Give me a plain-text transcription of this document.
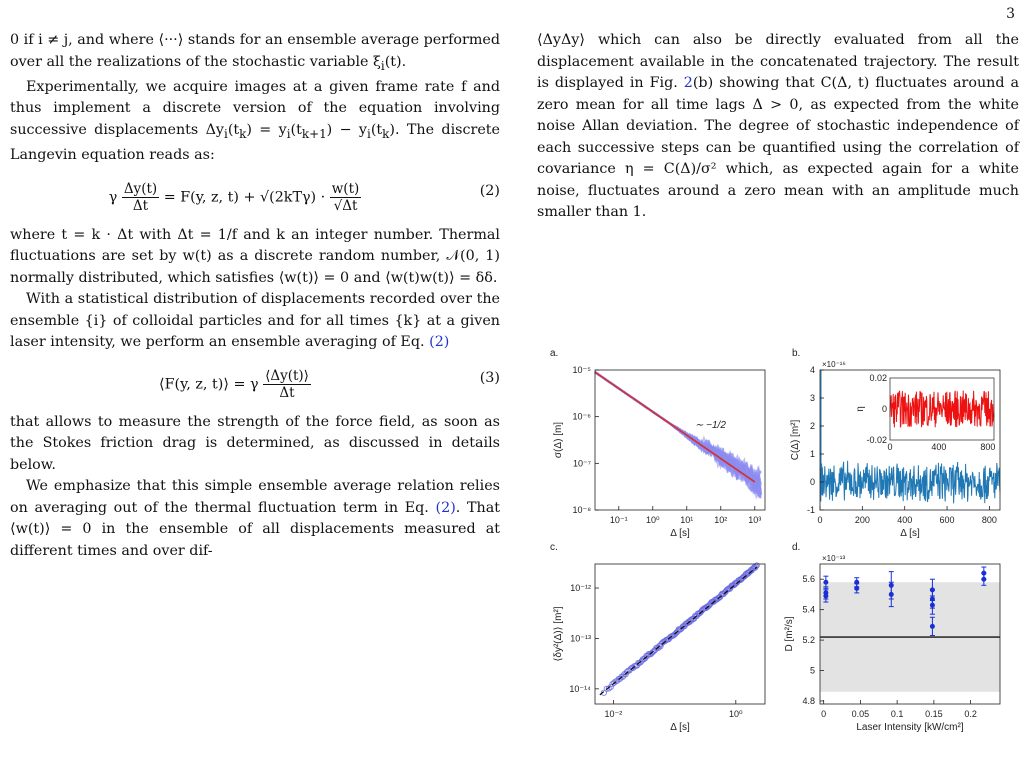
3

0 if i ≠ j, and where ⟨···⟩ stands for an ensemble average performed over all the realizations of the stochastic variable $\xi_i(t)$.

Experimentally, we acquire images at a given frame rate f and thus implement a discrete version of the equation involving successive displacements $\Delta y_i(t_k) = y_i(t_{k+1}) - y_i(t_k)$. The discrete Langevin equation reads as:

γ $\frac{\Delta y(t)}{\Delta t} = F(y$, z, $t) + √(2kT\gamma) \cdot \frac{w(t)}{√\Delta t}$	(2)

where t = k · Δt with Δt = 1/f and k an integer number. Thermal fluctuations are set by w(t) as a discrete random number, 𝒩(0, 1) normally distributed, which satisfies ⟨w(t)⟩ = 0 and ⟨w(t)w(t)⟩ = δδ.

With a statistical distribution of displacements recorded over the ensemble {i} of colloidal particles and for all times {k} at a given laser intensity, we perform an ensemble averaging of Eq. (2)

⟨F(y, z, t)⟩ = γ $\frac{⟨\Delta y(t)⟩}{\Delta t}$	(3)

that allows to measure the strength of the force field, as soon as the Stokes friction drag is determined, as discussed in details below.

We emphasize that this simple ensemble average relation relies on averaging out of the thermal fluctuation term in Eq. (2). That ⟨w(t)⟩ = 0 in the ensemble of all displacements measured at different times and over dif-

⟨ΔyΔy⟩ which can also be directly evaluated from all the displacement available in the concatenated trajectory. The result is displayed in Fig. 2(b) showing that C(Δ, t) fluctuates around a zero mean for all time lags Δ > 0, as expected from the white noise Allan deviation. The degree of stochastic independence of each successive steps can be quantified using the correlation of covariance η = C(Δ)/σ² which, as expected again for a white noise, fluctuates around a zero mean with an amplitude much smaller than 1.

a.
10⁻¹ 10⁰ 10¹ 10² 10³
10⁻⁸
10⁻⁷
10⁻⁶
10⁻⁵
Δ [s]
σ(Δ) [m]	∼ −1/2
b.
×10⁻¹⁶
0	200	400	600	800
-1
0
1
2
3
4
Δ [s]
C(Δ) [m²]	0	400	800
-0.02
0
0.02
η
c.
10⁻²	10⁰
10⁻¹⁴
10⁻¹³
10⁻¹²
Δ [s]
⟨δy²(Δ)⟩ [m²]
d.
×10⁻¹³
0	0.05 0.1 0.15 0.2
4.8
5
5.2
5.4
5.6
Laser Intensity [kW/cm²]
D [m²/s]
